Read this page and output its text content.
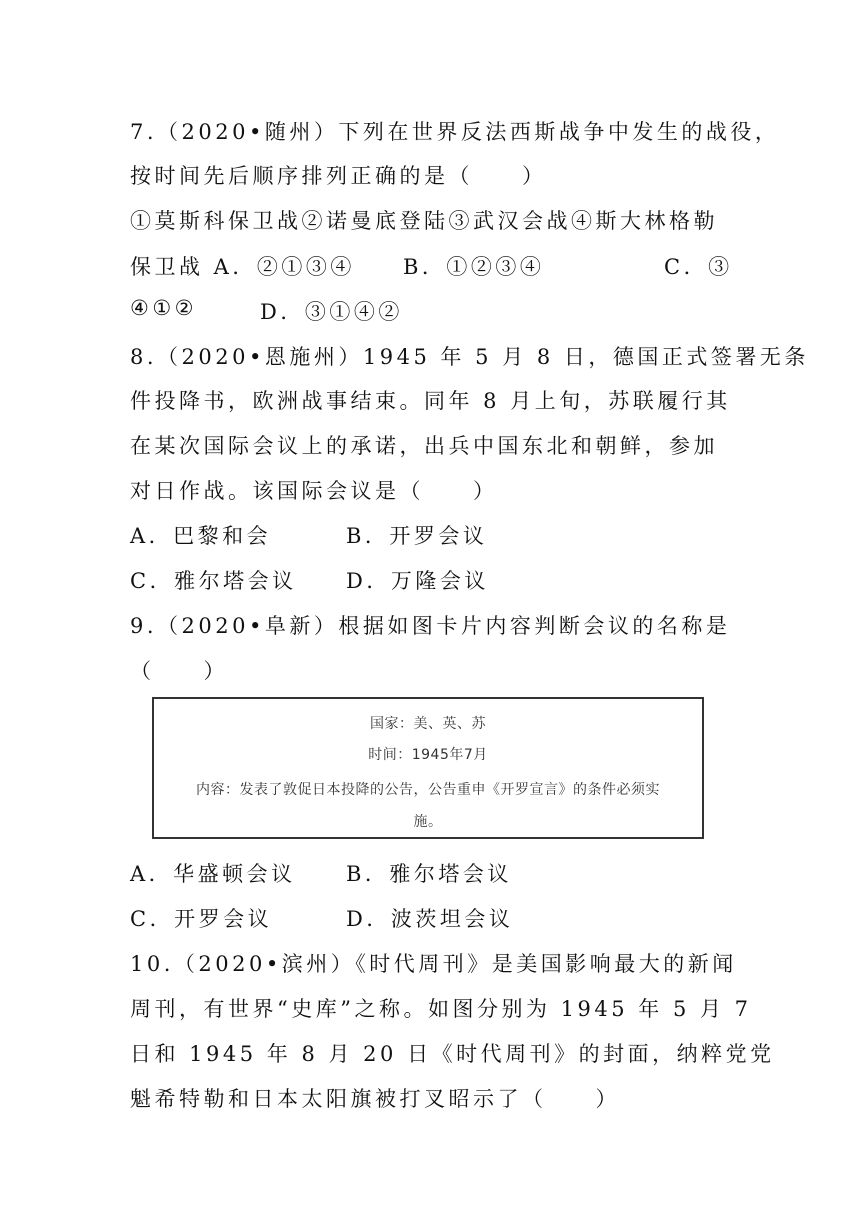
7.（2020•随州）下列在世界反法西斯战争中发生的战役，
按时间先后顺序排列正确的是（　　）
①莫斯科保卫战②诺曼底登陆③武汉会战④斯大林格勒
保卫战 A．②①③④ B．①②③④	C．③
④①②	D．③①④②
8.（2020•恩施州）1945 年 5 月 8 日，德国正式签署无条
件投降书，欧洲战事结束。同年 8 月上旬，苏联履行其
在某次国际会议上的承诺，出兵中国东北和朝鲜，参加
对日作战。该国际会议是（　　）
A．巴黎和会	B．开罗会议
C．雅尔塔会议 D．万隆会议
9.（2020•阜新）根据如图卡片内容判断会议的名称是
（　　）
国家：美、英、苏
时间：1945年7月
内容：发表了敦促日本投降的公告，公告重申《开罗宣言》的条件必须实
施。
A．华盛顿会议 B．雅尔塔会议
C．开罗会议	D．波茨坦会议
10.（2020•滨州）《时代周刊》是美国影响最大的新闻
周刊，有世界“史库”之称。如图分别为 1945 年 5 月 7
日和 1945 年 8 月 20 日《时代周刊》的封面，纳粹党党
魁希特勒和日本太阳旗被打叉昭示了（　　）
